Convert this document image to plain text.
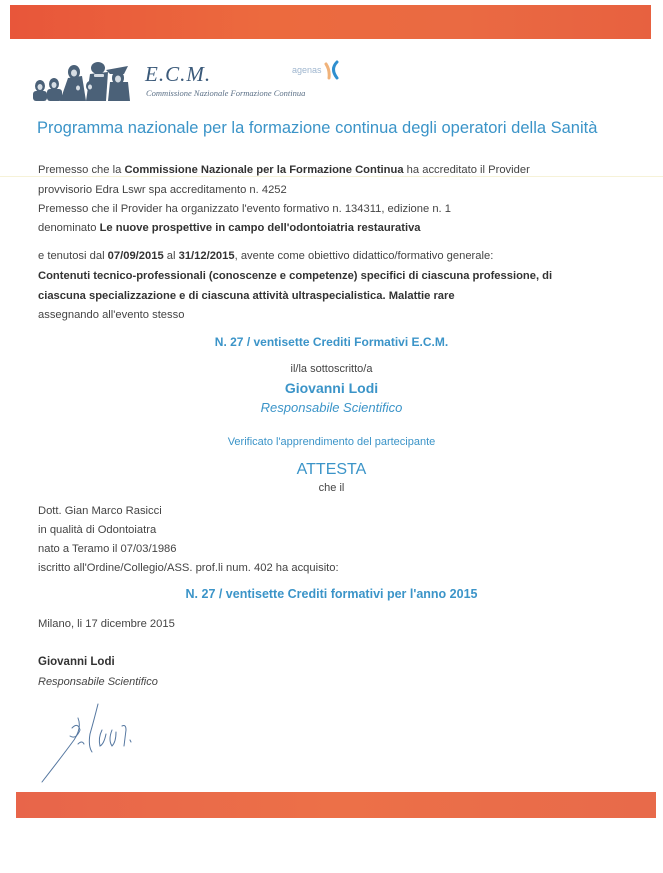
E.C.M.
Commissione Nazionale Formazione Continua
agenas
Programma nazionale per la formazione continua degli operatori della Sanità
Premesso che la Commissione Nazionale per la Formazione Continua ha accreditato il Provider
provvisorio Edra Lswr spa accreditamento n. 4252
Premesso che il Provider ha organizzato l'evento formativo n. 134311, edizione n. 1
denominato Le nuove prospettive in campo dell'odontoiatria restaurativa
e tenutosi dal 07/09/2015 al 31/12/2015, avente come obiettivo didattico/formativo generale:
Contenuti tecnico-professionali (conoscenze e competenze) specifici di ciascuna professione, di
ciascuna specializzazione e di ciascuna attività ultraspecialistica. Malattie rare
assegnando all'evento stesso
N. 27 / ventisette Crediti Formativi E.C.M.
il/la sottoscritto/a
Giovanni Lodi
Responsabile Scientifico
Verificato l'apprendimento del partecipante
ATTESTA
che il
Dott. Gian Marco Rasicci
in qualità di Odontoiatra
nato a Teramo il 07/03/1986
iscritto all'Ordine/Collegio/ASS. prof.li num. 402 ha acquisito:
N. 27 / ventisette Crediti formativi per l'anno 2015
Milano, li 17 dicembre 2015
Giovanni Lodi
Responsabile Scientifico
